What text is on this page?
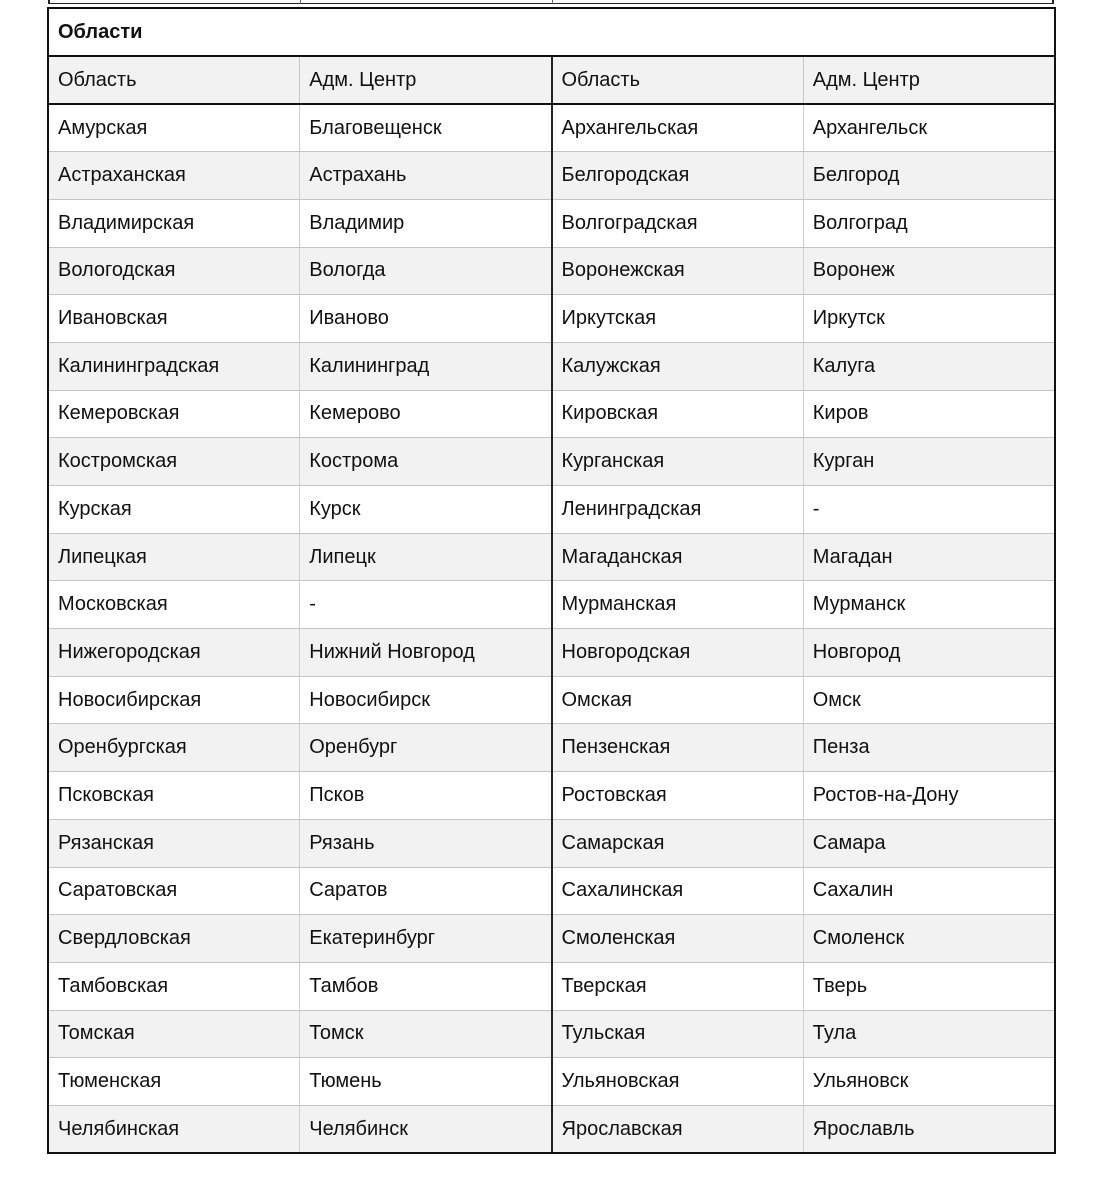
Области			
Область	Адм. Центр	Область	Адм. Центр
Амурская	Благовещенск	Архангельская	Архангельск
Астраханская	Астрахань	Белгородская	Белгород
Владимирская	Владимир	Волгоградская	Волгоград
Вологодская	Вологда	Воронежская	Воронеж
Ивановская	Иваново	Иркутская	Иркутск
Калининградская	Калининград	Калужская	Калуга
Кемеровская	Кемерово	Кировская	Киров
Костромская	Кострома	Курганская	Курган
Курская	Курск	Ленинградская	-
Липецкая	Липецк	Магаданская	Магадан
Московская	-	Мурманская	Мурманск
Нижегородская	Нижний Новгород	Новгородская	Новгород
Новосибирская	Новосибирск	Омская	Омск
Оренбургская	Оренбург	Пензенская	Пенза
Псковская	Псков	Ростовская	Ростов-на-Дону
Рязанская	Рязань	Самарская	Самара
Саратовская	Саратов	Сахалинская	Сахалин
Свердловская	Екатеринбург	Смоленская	Смоленск
Тамбовская	Тамбов	Тверская	Тверь
Томская	Томск	Тульская	Тула
Тюменская	Тюмень	Ульяновская	Ульяновск
Челябинская	Челябинск	Ярославская	Ярославль
